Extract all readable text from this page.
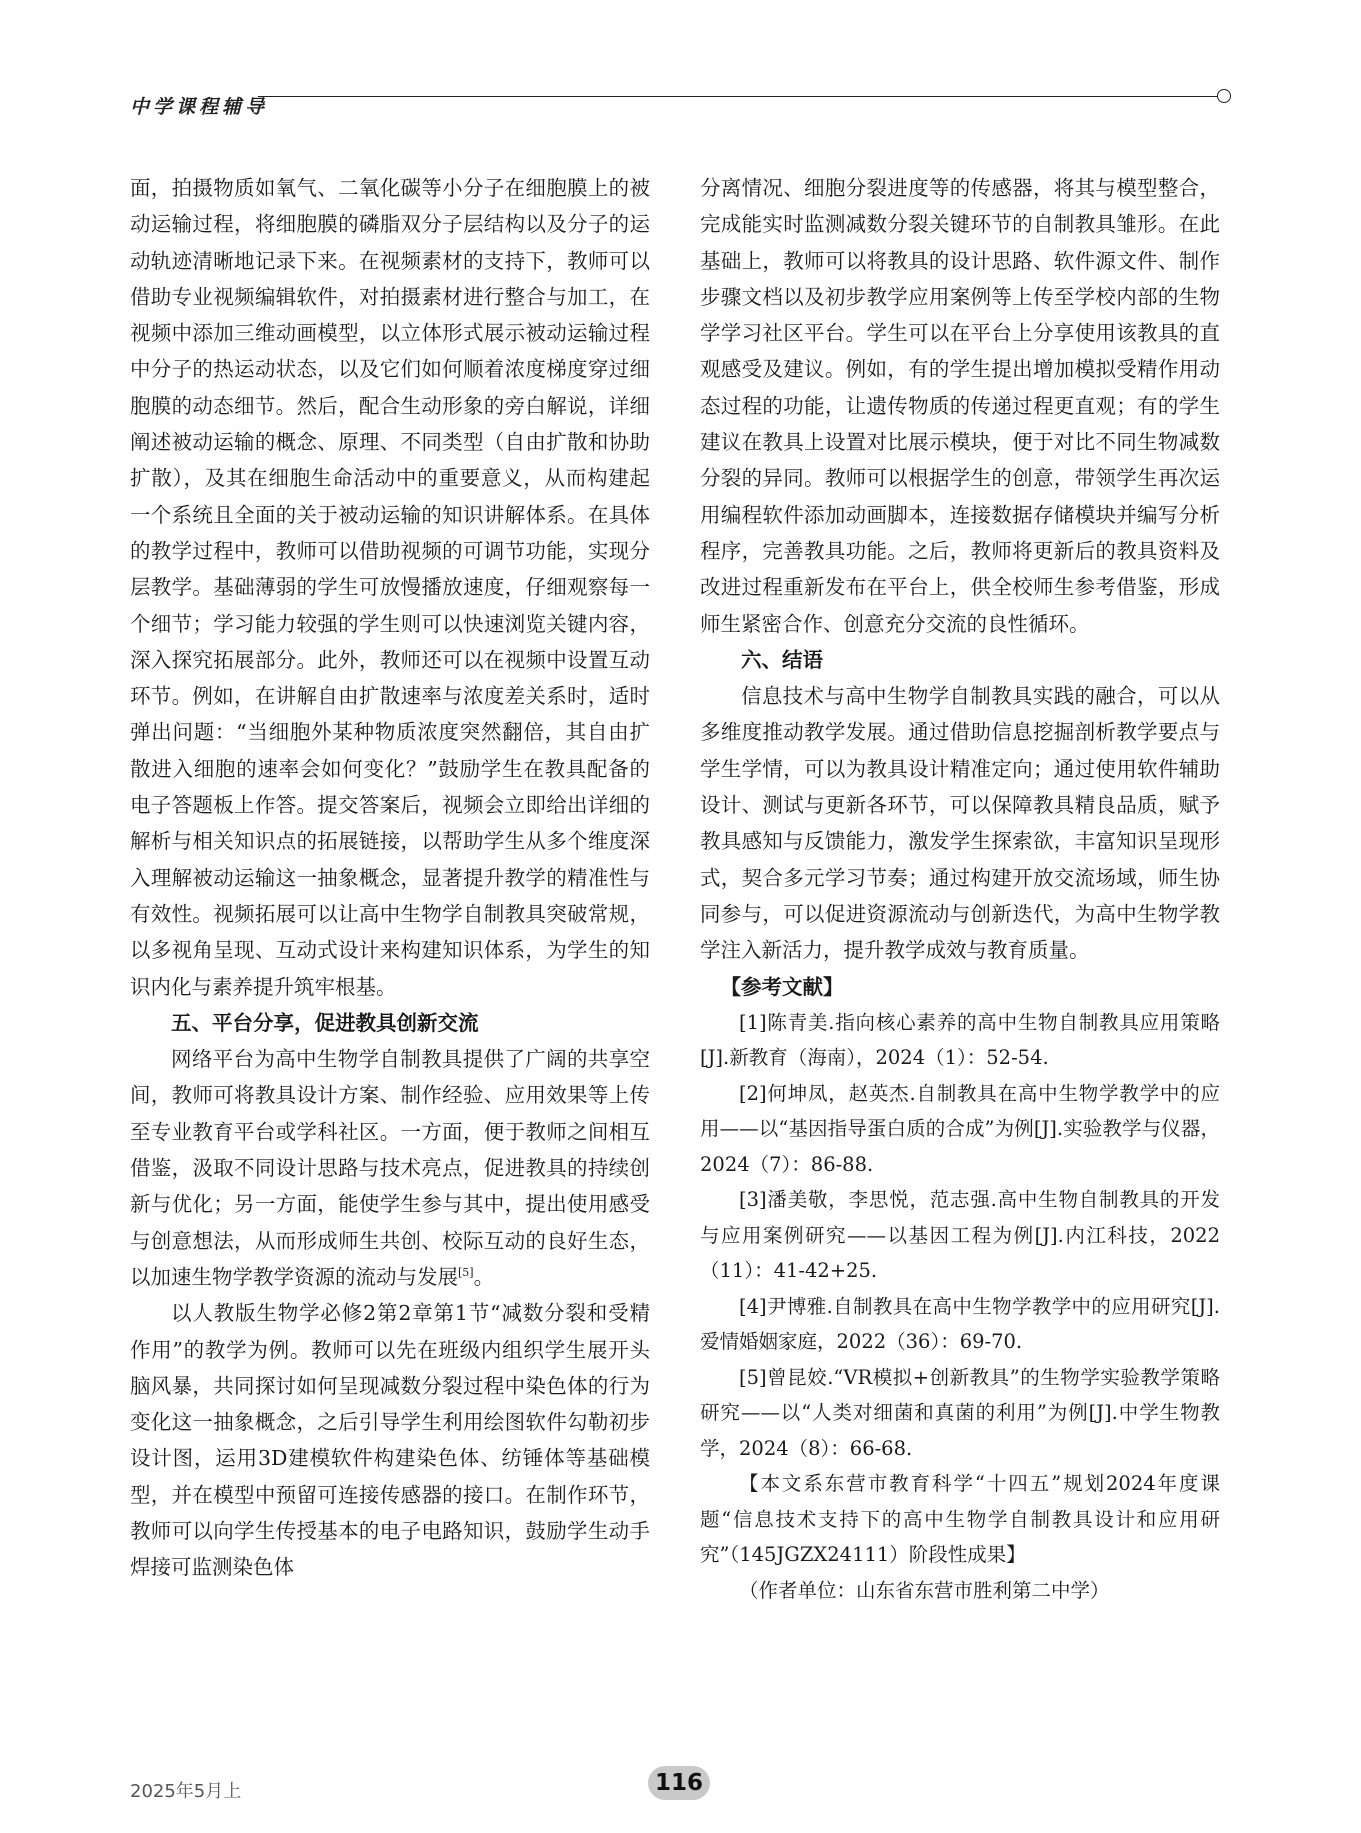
中学课程辅导

面，拍摄物质如氧气、二氧化碳等小分子在细胞膜上的被动运输过程，将细胞膜的磷脂双分子层结构以及分子的运动轨迹清晰地记录下来。在视频素材的支持下，教师可以借助专业视频编辑软件，对拍摄素材进行整合与加工，在视频中添加三维动画模型，以立体形式展示被动运输过程中分子的热运动状态，以及它们如何顺着浓度梯度穿过细胞膜的动态细节。然后，配合生动形象的旁白解说，详细阐述被动运输的概念、原理、不同类型（自由扩散和协助扩散），及其在细胞生命活动中的重要意义，从而构建起一个系统且全面的关于被动运输的知识讲解体系。在具体的教学过程中，教师可以借助视频的可调节功能，实现分层教学。基础薄弱的学生可放慢播放速度，仔细观察每一个细节；学习能力较强的学生则可以快速浏览关键内容，深入探究拓展部分。此外，教师还可以在视频中设置互动环节。例如，在讲解自由扩散速率与浓度差关系时，适时弹出问题：“当细胞外某种物质浓度突然翻倍，其自由扩散进入细胞的速率会如何变化？”鼓励学生在教具配备的电子答题板上作答。提交答案后，视频会立即给出详细的解析与相关知识点的拓展链接，以帮助学生从多个维度深入理解被动运输这一抽象概念，显著提升教学的精准性与有效性。视频拓展可以让高中生物学自制教具突破常规，以多视角呈现、互动式设计来构建知识体系，为学生的知识内化与素养提升筑牢根基。

五、平台分享，促进教具创新交流

网络平台为高中生物学自制教具提供了广阔的共享空间，教师可将教具设计方案、制作经验、应用效果等上传至专业教育平台或学科社区。一方面，便于教师之间相互借鉴，汲取不同设计思路与技术亮点，促进教具的持续创新与优化；另一方面，能使学生参与其中，提出使用感受与创意想法，从而形成师生共创、校际互动的良好生态，以加速生物学教学资源的流动与发展[5]。

以人教版生物学必修2第2章第1节“减数分裂和受精作用”的教学为例。教师可以先在班级内组织学生展开头脑风暴，共同探讨如何呈现减数分裂过程中染色体的行为变化这一抽象概念，之后引导学生利用绘图软件勾勒初步设计图，运用3D建模软件构建染色体、纺锤体等基础模型，并在模型中预留可连接传感器的接口。在制作环节，教师可以向学生传授基本的电子电路知识，鼓励学生动手焊接可监测染色体

分离情况、细胞分裂进度等的传感器，将其与模型整合，完成能实时监测减数分裂关键环节的自制教具雏形。在此基础上，教师可以将教具的设计思路、软件源文件、制作步骤文档以及初步教学应用案例等上传至学校内部的生物学学习社区平台。学生可以在平台上分享使用该教具的直观感受及建议。例如，有的学生提出增加模拟受精作用动态过程的功能，让遗传物质的传递过程更直观；有的学生建议在教具上设置对比展示模块，便于对比不同生物减数分裂的异同。教师可以根据学生的创意，带领学生再次运用编程软件添加动画脚本，连接数据存储模块并编写分析程序，完善教具功能。之后，教师将更新后的教具资料及改进过程重新发布在平台上，供全校师生参考借鉴，形成师生紧密合作、创意充分交流的良性循环。

六、结语

信息技术与高中生物学自制教具实践的融合，可以从多维度推动教学发展。通过借助信息挖掘剖析教学要点与学生学情，可以为教具设计精准定向；通过使用软件辅助设计、测试与更新各环节，可以保障教具精良品质，赋予教具感知与反馈能力，激发学生探索欲，丰富知识呈现形式，契合多元学习节奏；通过构建开放交流场域，师生协同参与，可以促进资源流动与创新迭代，为高中生物学教学注入新活力，提升教学成效与教育质量。

【参考文献】

[1]陈青美.指向核心素养的高中生物自制教具应用策略[J].新教育（海南），2024（1）：52-54.

[2]何坤凤，赵英杰.自制教具在高中生物学教学中的应用——以“基因指导蛋白质的合成”为例[J].实验教学与仪器，2024（7）：86-88.

[3]潘美敬，李思悦，范志强.高中生物自制教具的开发与应用案例研究——以基因工程为例[J].内江科技，2022（11）：41-42+25.

[4]尹博雅.自制教具在高中生物学教学中的应用研究[J].爱情婚姻家庭，2022（36）：69-70.

[5]曾昆姣.“VR模拟+创新教具”的生物学实验教学策略研究——以“人类对细菌和真菌的利用”为例[J].中学生物教学，2024（8）：66-68.

【本文系东营市教育科学“十四五”规划2024年度课题“信息技术支持下的高中生物学自制教具设计和应用研究”（145JGZX24111）阶段性成果】

（作者单位：山东省东营市胜利第二中学）

2025年5月上	116
